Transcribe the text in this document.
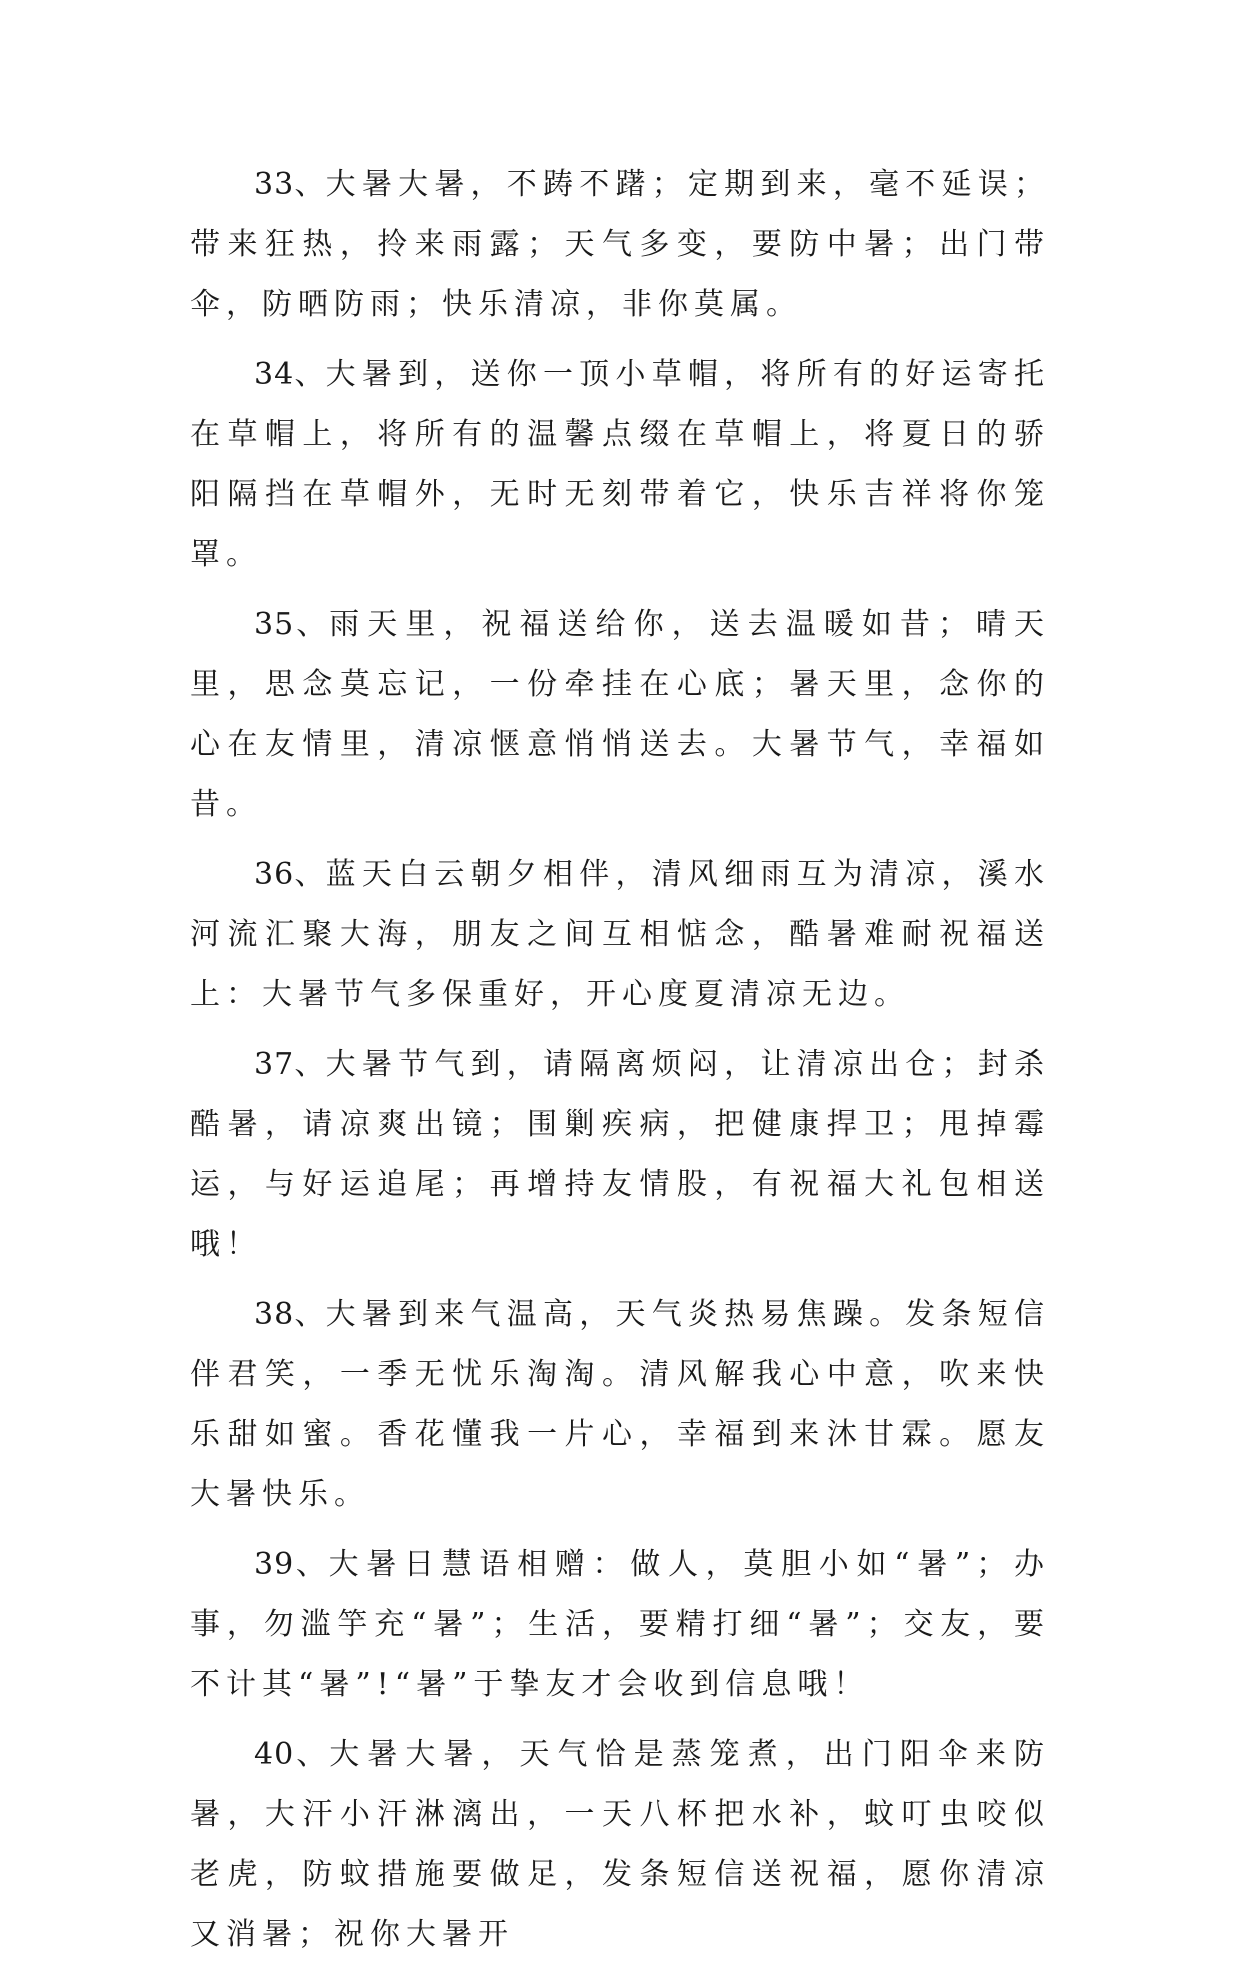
33、大暑大暑，不踌不躇；定期到来，毫不延误；带来狂热，拎来雨露；天气多变，要防中暑；出门带伞，防晒防雨；快乐清凉，非你莫属。

34、大暑到，送你一顶小草帽，将所有的好运寄托在草帽上，将所有的温馨点缀在草帽上，将夏日的骄阳隔挡在草帽外，无时无刻带着它，快乐吉祥将你笼罩。

35、雨天里，祝福送给你，送去温暖如昔；晴天里，思念莫忘记，一份牵挂在心底；暑天里，念你的心在友情里，清凉惬意悄悄送去。大暑节气，幸福如昔。

36、蓝天白云朝夕相伴，清风细雨互为清凉，溪水河流汇聚大海，朋友之间互相惦念，酷暑难耐祝福送上：大暑节气多保重好，开心度夏清凉无边。

37、大暑节气到，请隔离烦闷，让清凉出仓；封杀酷暑，请凉爽出镜；围剿疾病，把健康捍卫；甩掉霉运，与好运追尾；再增持友情股，有祝福大礼包相送哦！

38、大暑到来气温高，天气炎热易焦躁。发条短信伴君笑，一季无忧乐淘淘。清风解我心中意，吹来快乐甜如蜜。香花懂我一片心，幸福到来沐甘霖。愿友大暑快乐。

39、大暑日慧语相赠：做人，莫胆小如“暑”；办事，勿滥竽充“暑”；生活，要精打细“暑”；交友，要不计其“暑”!“暑”于挚友才会收到信息哦！

40、大暑大暑，天气恰是蒸笼煮，出门阳伞来防暑，大汗小汗淋漓出，一天八杯把水补，蚊叮虫咬似老虎，防蚊措施要做足，发条短信送祝福，愿你清凉又消暑；祝你大暑开
